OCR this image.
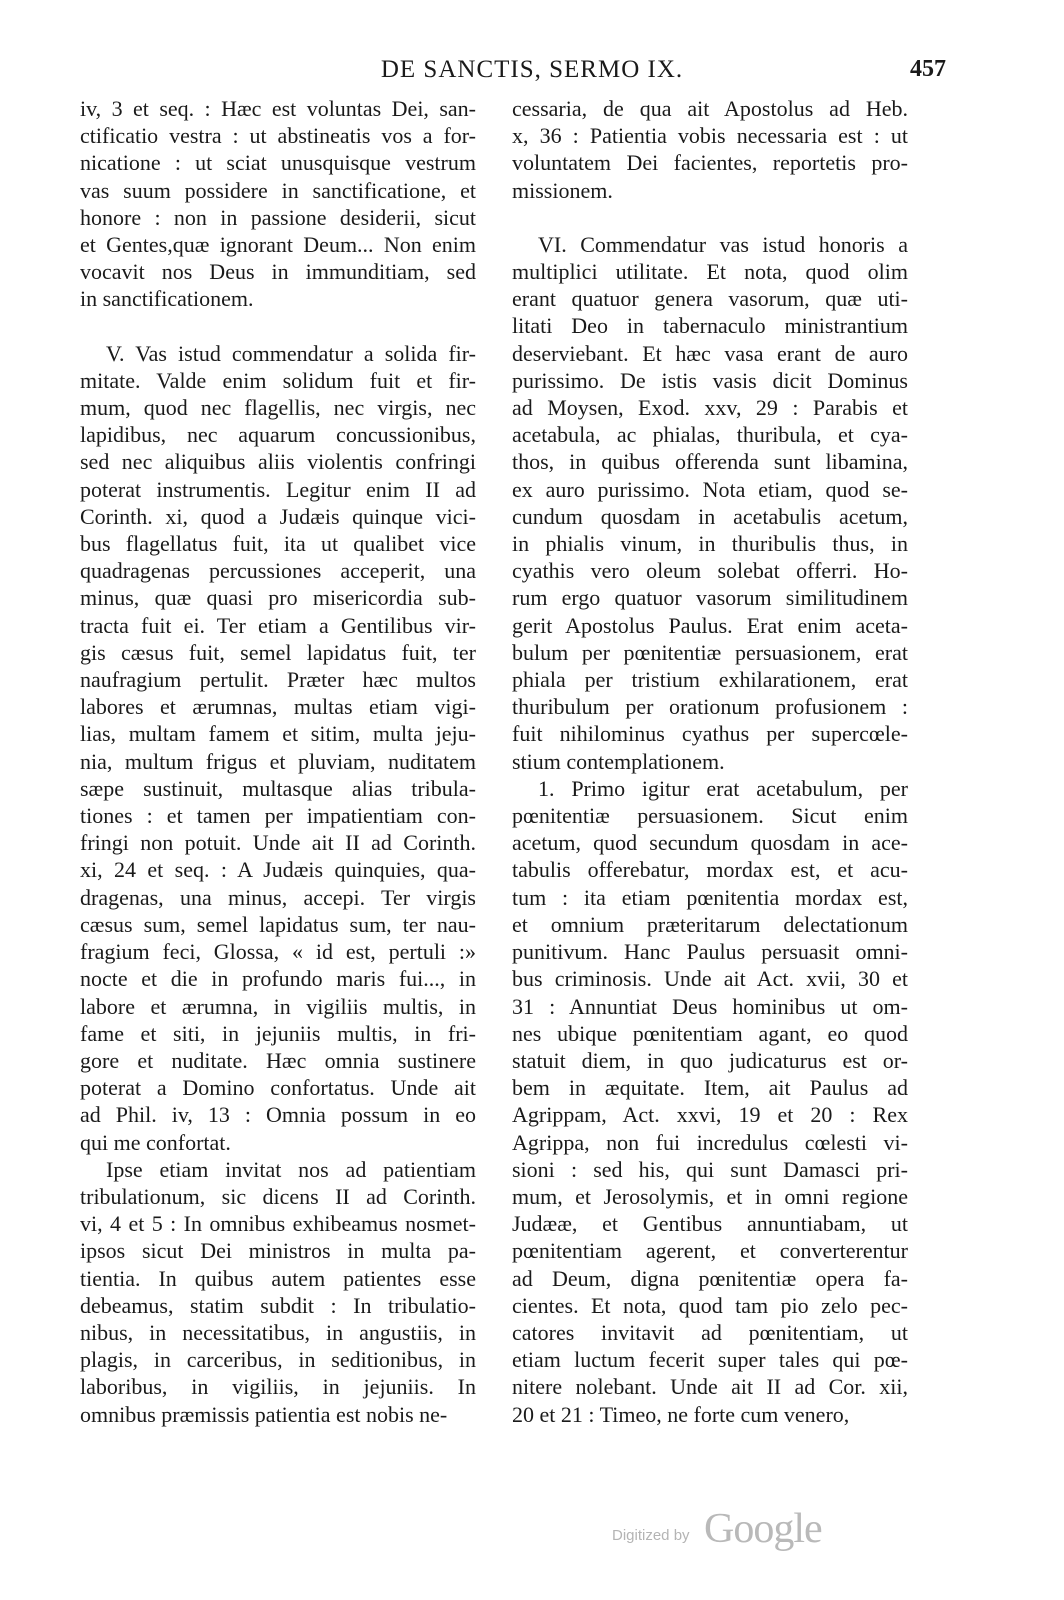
DE SANCTIS, SERMO IX.	457

iv, 3 et seq. : Hæc est voluntas Dei, san-
ctificatio vestra : ut abstineatis vos a for-
nicatione : ut sciat unusquisque vestrum
vas suum possidere in sanctificatione, et
honore : non in passione desiderii, sicut
et Gentes,quæ ignorant Deum... Non enim
vocavit nos Deus in immunditiam, sed
in sanctificationem.

V. Vas istud commendatur a solida fir-
mitate. Valde enim solidum fuit et fir-
mum, quod nec flagellis, nec virgis, nec
lapidibus, nec aquarum concussionibus,
sed nec aliquibus aliis violentis confringi
poterat instrumentis. Legitur enim II ad
Corinth. xi, quod a Judæis quinque vici-
bus flagellatus fuit, ita ut qualibet vice
quadragenas percussiones acceperit, una
minus, quæ quasi pro misericordia sub-
tracta fuit ei. Ter etiam a Gentilibus vir-
gis cæsus fuit, semel lapidatus fuit, ter
naufragium pertulit. Præter hæc multos
labores et ærumnas, multas etiam vigi-
lias, multam famem et sitim, multa jeju-
nia, multum frigus et pluviam, nuditatem
sæpe sustinuit, multasque alias tribula-
tiones : et tamen per impatientiam con-
fringi non potuit. Unde ait II ad Corinth.
xi, 24 et seq. : A Judæis quinquies, qua-
dragenas, una minus, accepi. Ter virgis
cæsus sum, semel lapidatus sum, ter nau-
fragium feci, Glossa, « id est, pertuli :»
nocte et die in profundo maris fui..., in
labore et ærumna, in vigiliis multis, in
fame et siti, in jejuniis multis, in fri-
gore et nuditate. Hæc omnia sustinere
poterat a Domino confortatus. Unde ait
ad Phil. iv, 13 : Omnia possum in eo
qui me confortat.

Ipse etiam invitat nos ad patientiam
tribulationum, sic dicens II ad Corinth.
vi, 4 et 5 : In omnibus exhibeamus nosmet-
ipsos sicut Dei ministros in multa pa-
tientia. In quibus autem patientes esse
debeamus, statim subdit : In tribulatio-
nibus, in necessitatibus, in angustiis, in
plagis, in carceribus, in seditionibus, in
laboribus, in vigiliis, in jejuniis. In
omnibus præmissis patientia est nobis ne-

cessaria, de qua ait Apostolus ad Heb.
x, 36 : Patientia vobis necessaria est : ut
voluntatem Dei facientes, reportetis pro-
missionem.

VI. Commendatur vas istud honoris a
multiplici utilitate. Et nota, quod olim
erant quatuor genera vasorum, quæ uti-
litati Deo in tabernaculo ministrantium
deserviebant. Et hæc vasa erant de auro
purissimo. De istis vasis dicit Dominus
ad Moysen, Exod. xxv, 29 : Parabis et
acetabula, ac phialas, thuribula, et cya-
thos, in quibus offerenda sunt libamina,
ex auro purissimo. Nota etiam, quod se-
cundum quosdam in acetabulis acetum,
in phialis vinum, in thuribulis thus, in
cyathis vero oleum solebat offerri. Ho-
rum ergo quatuor vasorum similitudinem
gerit Apostolus Paulus. Erat enim aceta-
bulum per pœnitentiæ persuasionem, erat
phiala per tristium exhilarationem, erat
thuribulum per orationum profusionem :
fuit nihilominus cyathus per supercœle-
stium contemplationem.

1. Primo igitur erat acetabulum, per
pœnitentiæ persuasionem. Sicut enim
acetum, quod secundum quosdam in ace-
tabulis offerebatur, mordax est, et acu-
tum : ita etiam pœnitentia mordax est,
et omnium præteritarum delectationum
punitivum. Hanc Paulus persuasit omni-
bus criminosis. Unde ait Act. xvii, 30 et
31 : Annuntiat Deus hominibus ut om-
nes ubique pœnitentiam agant, eo quod
statuit diem, in quo judicaturus est or-
bem in æquitate. Item, ait Paulus ad
Agrippam, Act. xxvi, 19 et 20 : Rex
Agrippa, non fui incredulus cœlesti vi-
sioni : sed his, qui sunt Damasci pri-
mum, et Jerosolymis, et in omni regione
Judææ, et Gentibus annuntiabam, ut
pœnitentiam agerent, et converterentur
ad Deum, digna pœnitentiæ opera fa-
cientes. Et nota, quod tam pio zelo pec-
catores invitavit ad pœnitentiam, ut
etiam luctum fecerit super tales qui pœ-
nitere nolebant. Unde ait II ad Cor. xii,
20 et 21 : Timeo, ne forte cum venero,

Digitized by Google
